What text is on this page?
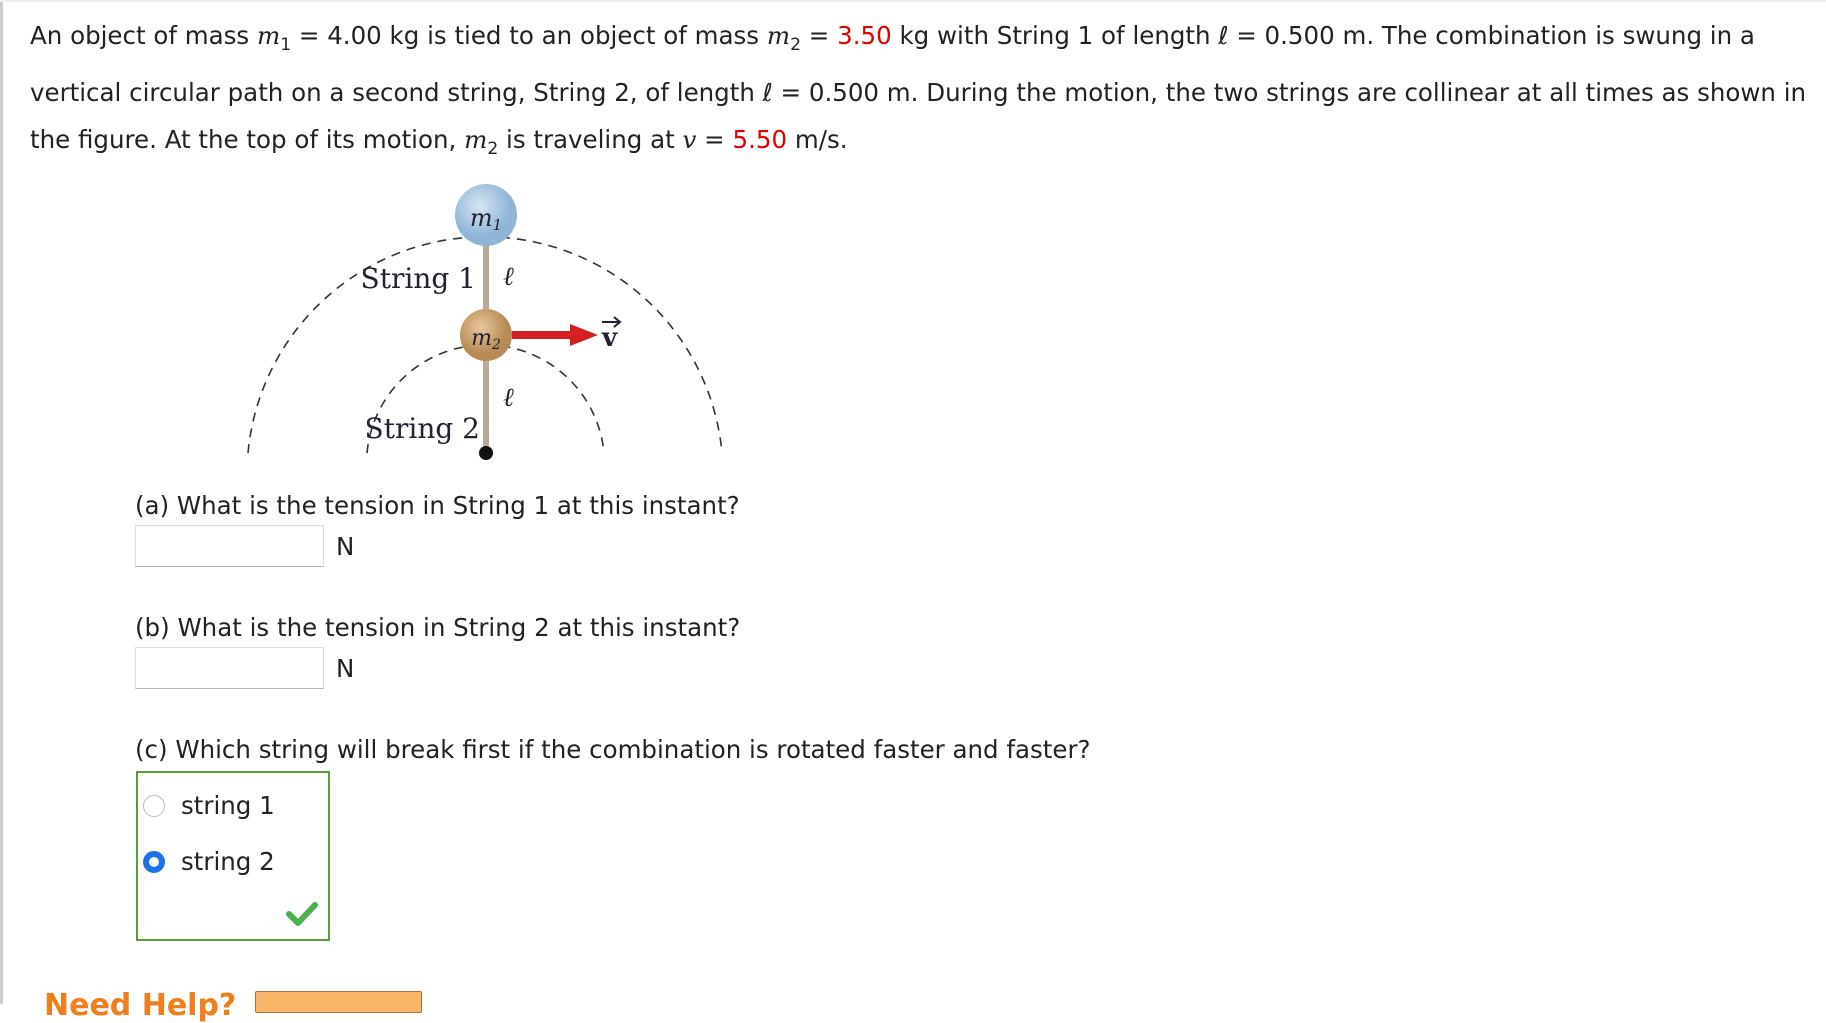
An object of mass $m_1 = 4.00$ kg is tied to an object of mass $m_2 = 3.50$ kg with String 1 of length ℓ = 0.500 m. The combination is swung in a vertical circular path on a second string, String 2, of length ℓ = 0.500 m. During the motion, the two strings are collinear at all times as shown in the figure. At the top of its motion, $m_2$ is traveling at v = 5.50 m/s.
m1
m2
String 1
String 2
ℓ
ℓ
v
(a) What is the tension in String 1 at this instant?
N
(b) What is the tension in String 2 at this instant?
N
(c) Which string will break first if the combination is rotated faster and faster?
string 1
string 2
Need Help?
